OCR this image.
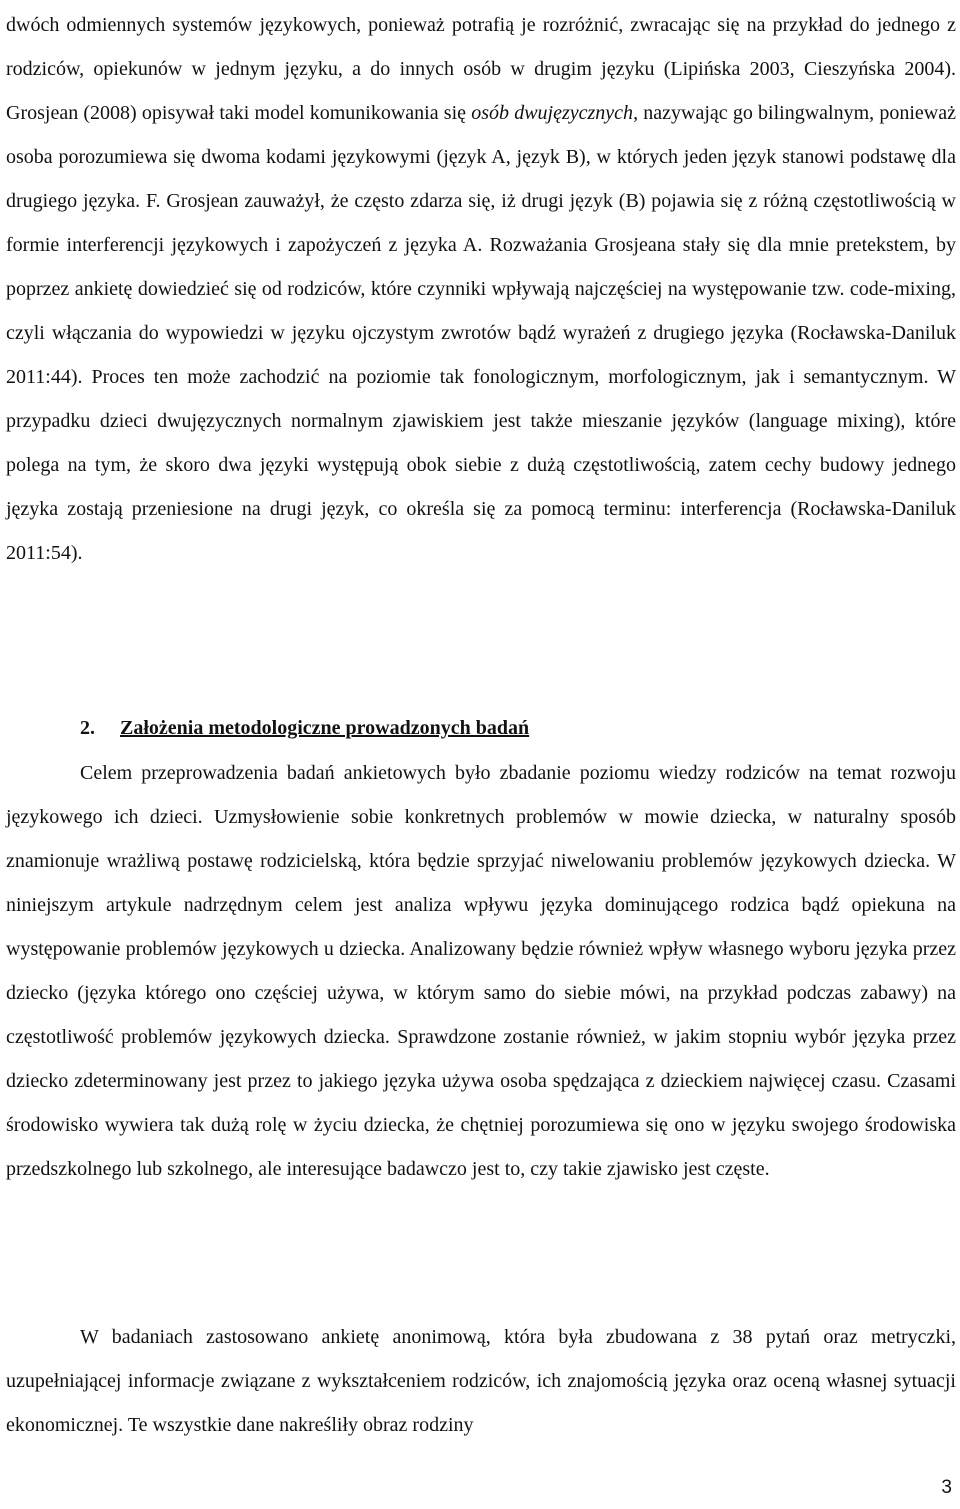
dwóch odmiennych systemów językowych, ponieważ potrafią je rozróżnić, zwracając się na przykład do jednego z rodziców, opiekunów w jednym języku, a do innych osób w drugim języku (Lipińska 2003, Cieszyńska 2004). Grosjean (2008) opisywał taki model komunikowania się osób dwujęzycznych, nazywając go bilingwalnym, ponieważ osoba porozumiewa się dwoma kodami językowymi (język A, język B), w których jeden język stanowi podstawę dla drugiego języka. F. Grosjean zauważył, że często zdarza się, iż drugi język (B) pojawia się z różną częstotliwością w formie interferencji językowych i zapożyczeń z języka A. Rozważania Grosjeana stały się dla mnie pretekstem, by poprzez ankietę dowiedzieć się od rodziców, które czynniki wpływają najczęściej na występowanie tzw. code-mixing, czyli włączania do wypowiedzi w języku ojczystym zwrotów bądź wyrażeń z drugiego języka (Rocławska-Daniluk 2011:44). Proces ten może zachodzić na poziomie tak fonologicznym, morfologicznym, jak i semantycznym. W przypadku dzieci dwujęzycznych normalnym zjawiskiem jest także mieszanie języków (language mixing), które polega na tym, że skoro dwa języki występują obok siebie z dużą częstotliwością, zatem cechy budowy jednego języka zostają przeniesione na drugi język, co określa się za pomocą terminu: interferencja (Rocławska-Daniluk 2011:54).

2. Założenia metodologiczne prowadzonych badań

Celem przeprowadzenia badań ankietowych było zbadanie poziomu wiedzy rodziców na temat rozwoju językowego ich dzieci. Uzmysłowienie sobie konkretnych problemów w mowie dziecka, w naturalny sposób znamionuje wrażliwą postawę rodzicielską, która będzie sprzyjać niwelowaniu problemów językowych dziecka. W niniejszym artykule nadrzędnym celem jest analiza wpływu języka dominującego rodzica bądź opiekuna na występowanie problemów językowych u dziecka. Analizowany będzie również wpływ własnego wyboru języka przez dziecko (języka którego ono częściej używa, w którym samo do siebie mówi, na przykład podczas zabawy) na częstotliwość problemów językowych dziecka. Sprawdzone zostanie również, w jakim stopniu wybór języka przez dziecko zdeterminowany jest przez to jakiego języka używa osoba spędzająca z dzieckiem najwięcej czasu. Czasami środowisko wywiera tak dużą rolę w życiu dziecka, że chętniej porozumiewa się ono w języku swojego środowiska przedszkolnego lub szkolnego, ale interesujące badawczo jest to, czy takie zjawisko jest częste.

W badaniach zastosowano ankietę anonimową, która była zbudowana z 38 pytań oraz metryczki, uzupełniającej informacje związane z wykształceniem rodziców, ich znajomością języka oraz oceną własnej sytuacji ekonomicznej. Te wszystkie dane nakreśliły obraz rodziny

3
